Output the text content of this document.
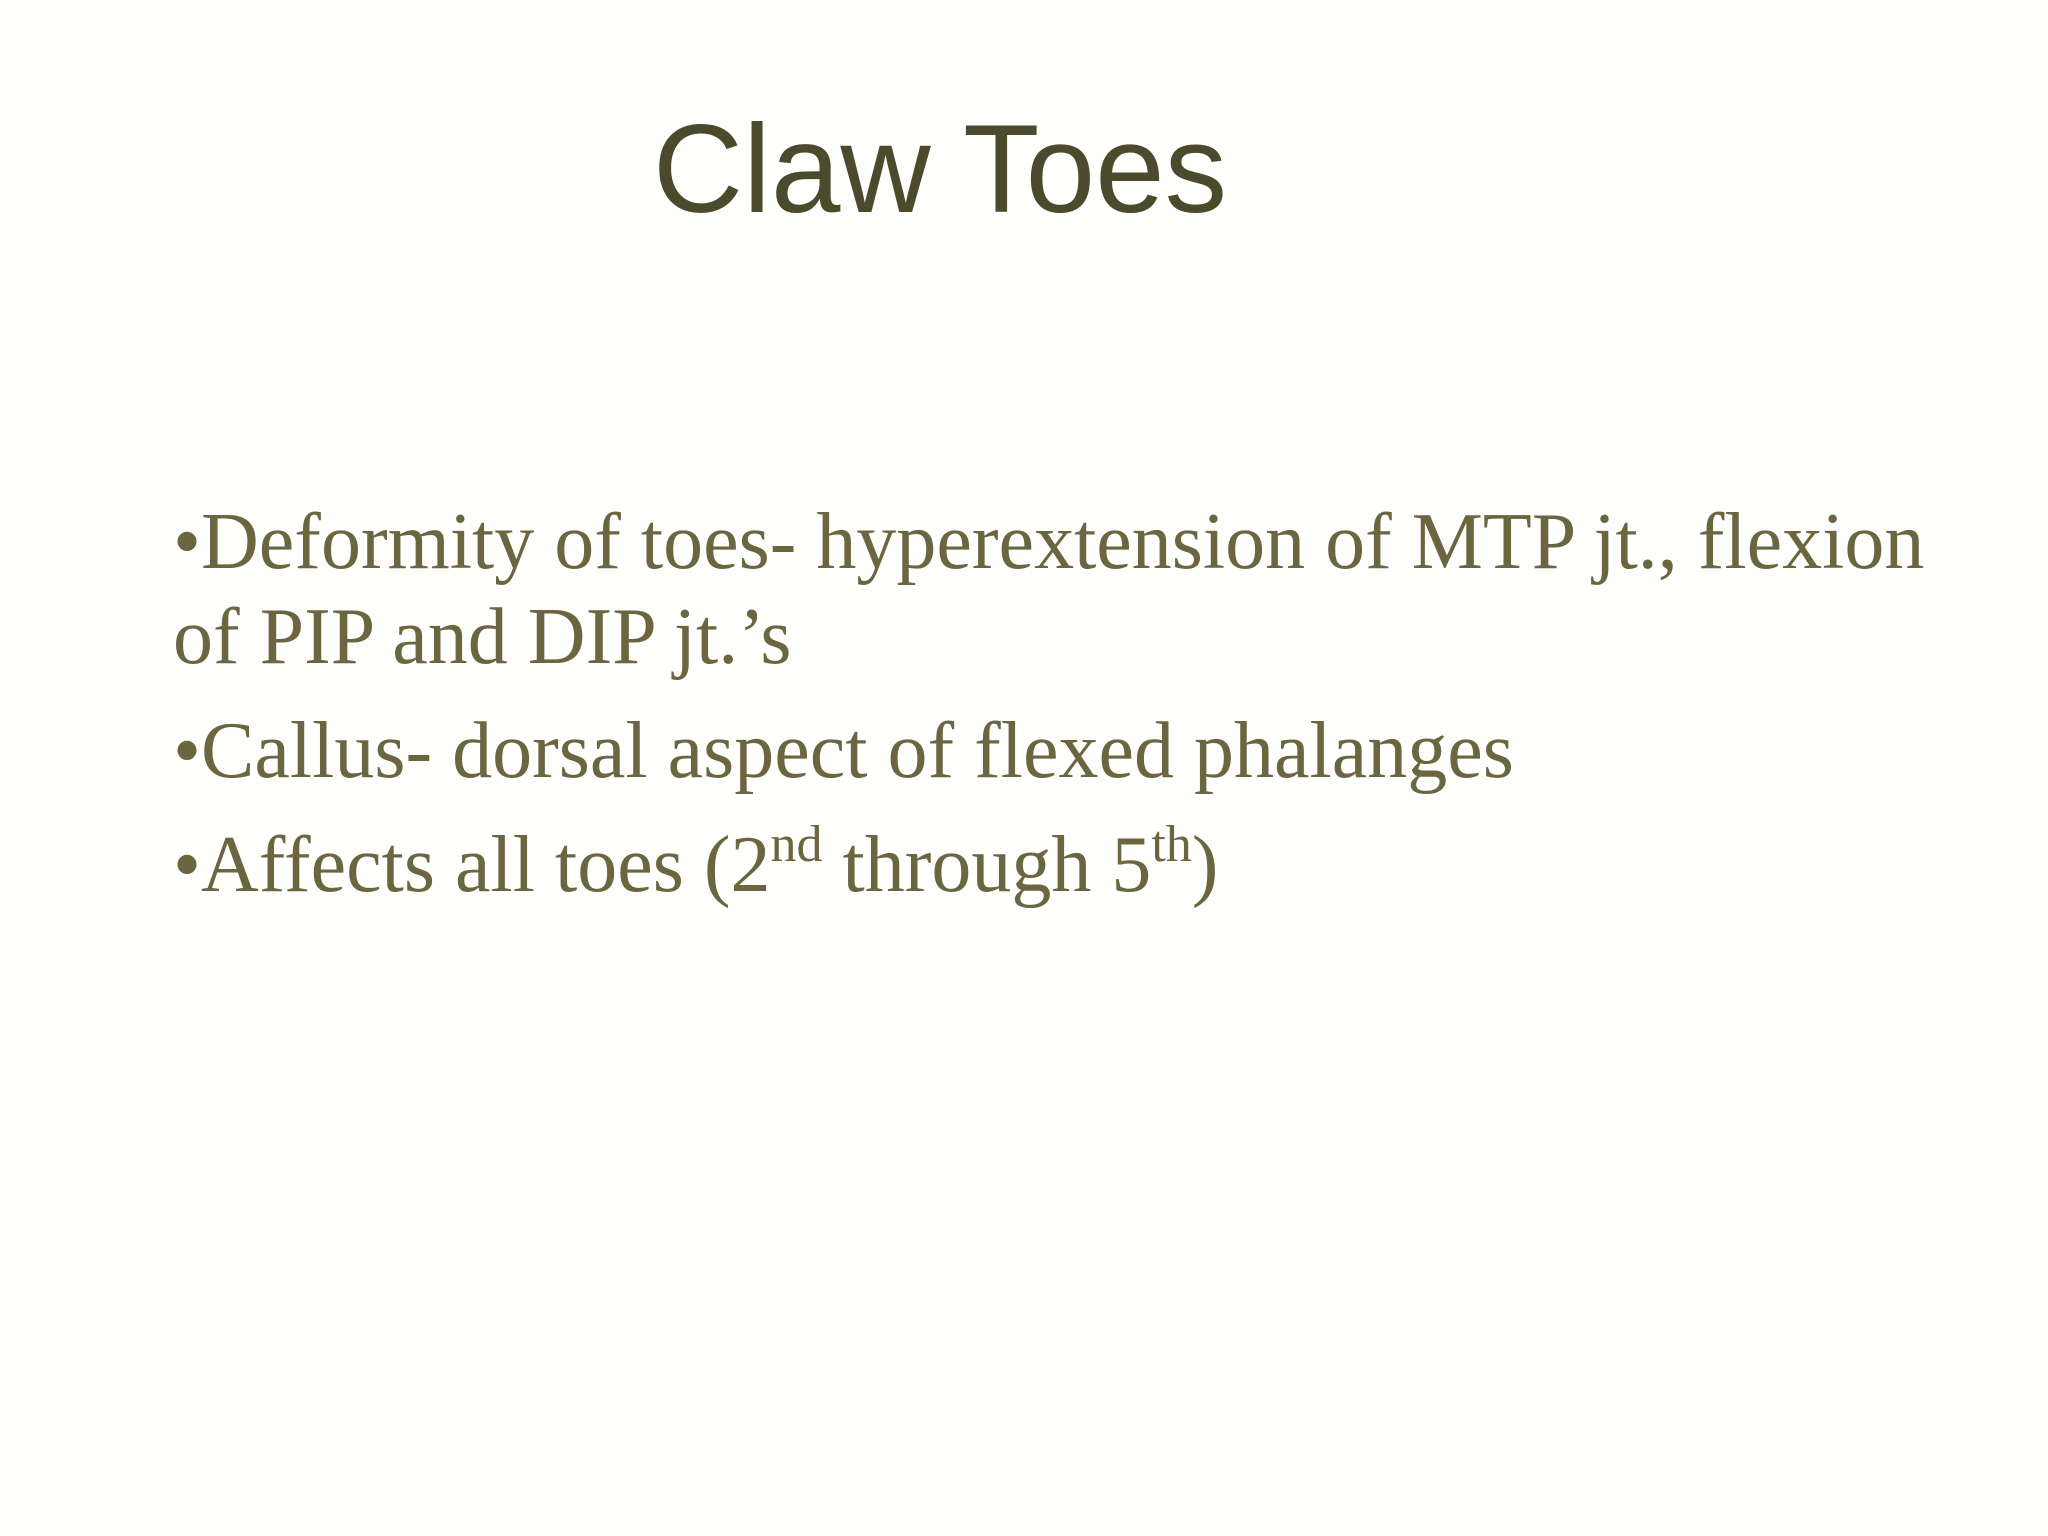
Claw Toes
•Deformity of toes- hyperextension of MTP jt., flexion of PIP and DIP jt.’s
•Callus- dorsal aspect of flexed phalanges
•Affects all toes (2nd through 5th)
